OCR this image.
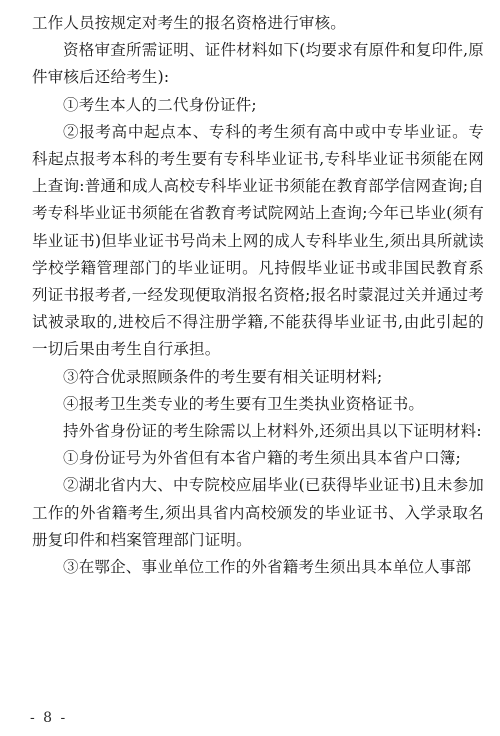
工作人员按规定对考生的报名资格进行审核。

资格审查所需证明、证件材料如下(均要求有原件和复印件,原件审核后还给考生):

①考生本人的二代身份证件;

②报考高中起点本、专科的考生须有高中或中专毕业证。专科起点报考本科的考生要有专科毕业证书,专科毕业证书须能在网上查询:普通和成人高校专科毕业证书须能在教育部学信网查询;自考专科毕业证书须能在省教育考试院网站上查询;今年已毕业(须有毕业证书)但毕业证书号尚未上网的成人专科毕业生,须出具所就读学校学籍管理部门的毕业证明。凡持假毕业证书或非国民教育系列证书报考者,一经发现便取消报名资格;报名时蒙混过关并通过考试被录取的,进校后不得注册学籍,不能获得毕业证书,由此引起的一切后果由考生自行承担。

③符合优录照顾条件的考生要有相关证明材料;

④报考卫生类专业的考生要有卫生类执业资格证书。

持外省身份证的考生除需以上材料外,还须出具以下证明材料:

①身份证号为外省但有本省户籍的考生须出具本省户口簿;

②湖北省内大、中专院校应届毕业(已获得毕业证书)且未参加工作的外省籍考生,须出具省内高校颁发的毕业证书、入学录取名册复印件和档案管理部门证明。

③在鄂企、事业单位工作的外省籍考生须出具本单位人事部

- 8 -
